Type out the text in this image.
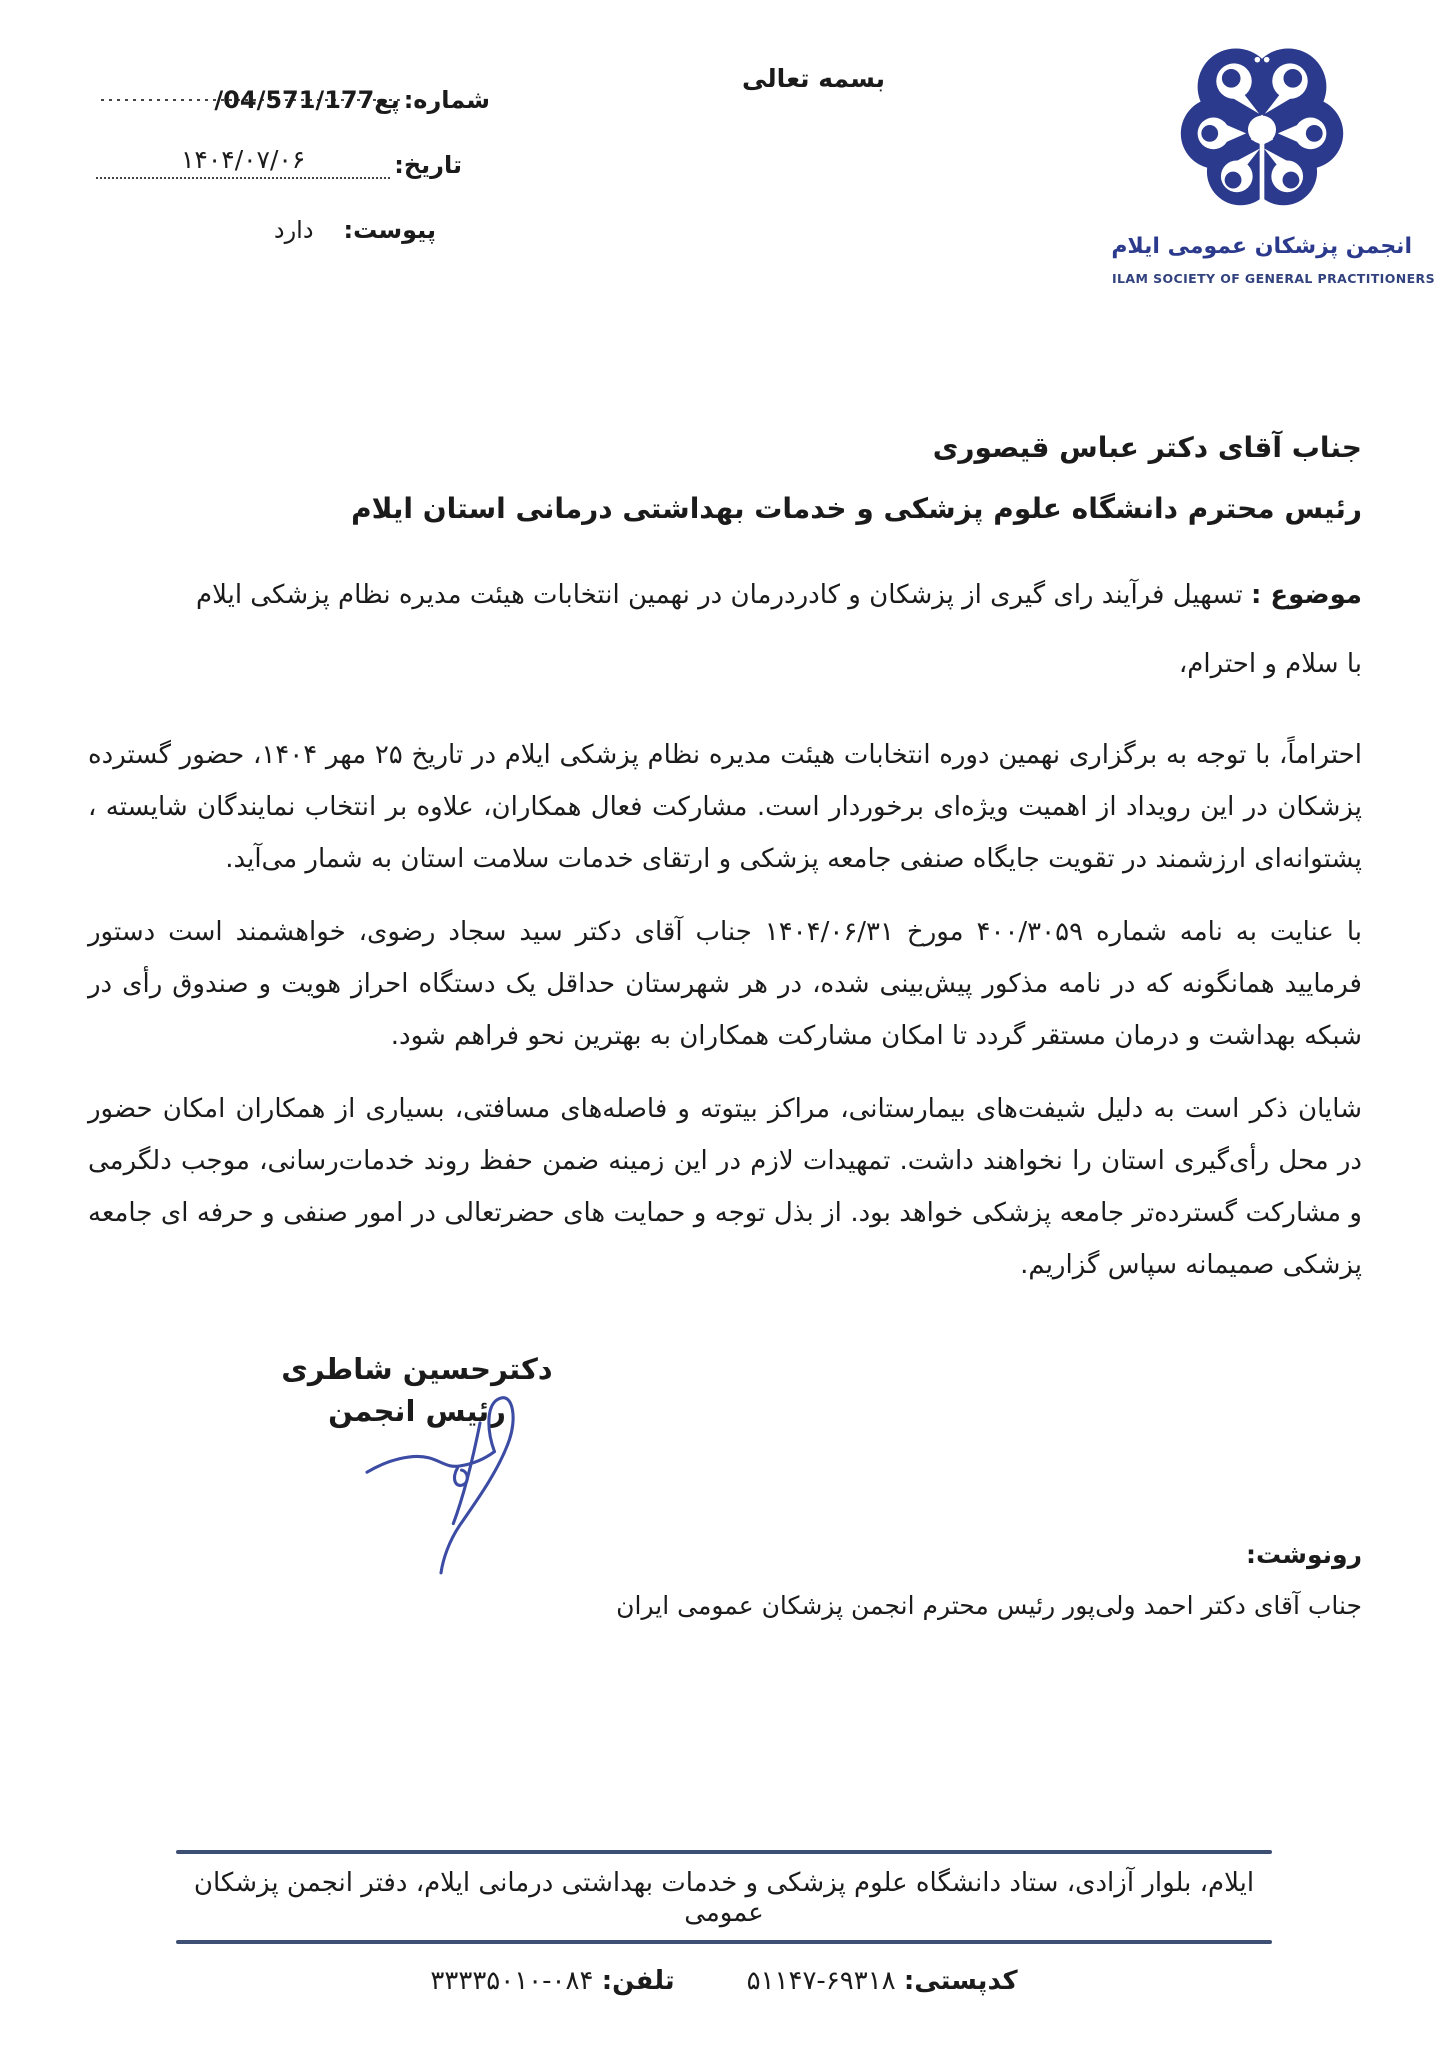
شماره:
/04/571/177عپ
تاریخ:
۱۴۰۴/۰۷/۰۶
پیوست:
دارد
بسمه تعالی
انجمن پزشکان عمومی ایلام
ILAM SOCIETY OF GENERAL PRACTITIONERS
جناب آقای دکتر عباس قیصوری
رئیس محترم دانشگاه علوم پزشکی و خدمات بهداشتی درمانی استان ایلام
موضوع : تسهیل فرآیند رای گیری از پزشکان و کادردرمان در نهمین انتخابات هیئت مدیره نظام پزشکی ایلام
با سلام و احترام،

احتراماً، با توجه به برگزاری نهمین دوره انتخابات هیئت مدیره نظام پزشکی ایلام در تاریخ ۲۵ مهر ۱۴۰۴، حضور گسترده پزشکان در این رویداد از اهمیت ویژه‌ای برخوردار است. مشارکت فعال همکاران، علاوه بر انتخاب نمایندگان شایسته ، پشتوانه‌ای ارزشمند در تقویت جایگاه صنفی جامعه پزشکی و ارتقای خدمات سلامت استان به شمار می‌آید.

با عنایت به نامه شماره ۴۰۰/۳۰۵۹ مورخ ۱۴۰۴/۰۶/۳۱ جناب آقای دکتر سید سجاد رضوی، خواهشمند است دستور فرمایید همانگونه که در نامه مذکور پیش‌بینی شده، در هر شهرستان حداقل یک دستگاه احراز هویت و صندوق رأی در شبکه بهداشت و درمان مستقر گردد تا امکان مشارکت همکاران به بهترین نحو فراهم شود.

شایان ذکر است به دلیل شیفت‌های بیمارستانی، مراکز بیتوته و فاصله‌های مسافتی، بسیاری از همکاران امکان حضور در محل رأی‌گیری استان را نخواهند داشت. تمهیدات لازم در این زمینه ضمن حفظ روند خدمات‌رسانی، موجب دلگرمی و مشارکت گسترده‌تر جامعه پزشکی خواهد بود. از بذل توجه و حمایت های حضرتعالی در امور صنفی و حرفه ای جامعه پزشکی صمیمانه سپاس گزاریم.

دکترحسین شاطری
رئیس انجمن
رونوشت:
جناب آقای دکتر احمد ولی‌پور رئیس محترم انجمن پزشکان عمومی ایران
ایلام، بلوار آزادی، ستاد دانشگاه علوم پزشکی و خدمات بهداشتی درمانی ایلام، دفتر انجمن پزشکان عمومی
کدپستی: ۶۹۳۱۸-۵۱۱۴۷
تلفن: ۰۸۴-۳۳۳۳۵۰۱۰
